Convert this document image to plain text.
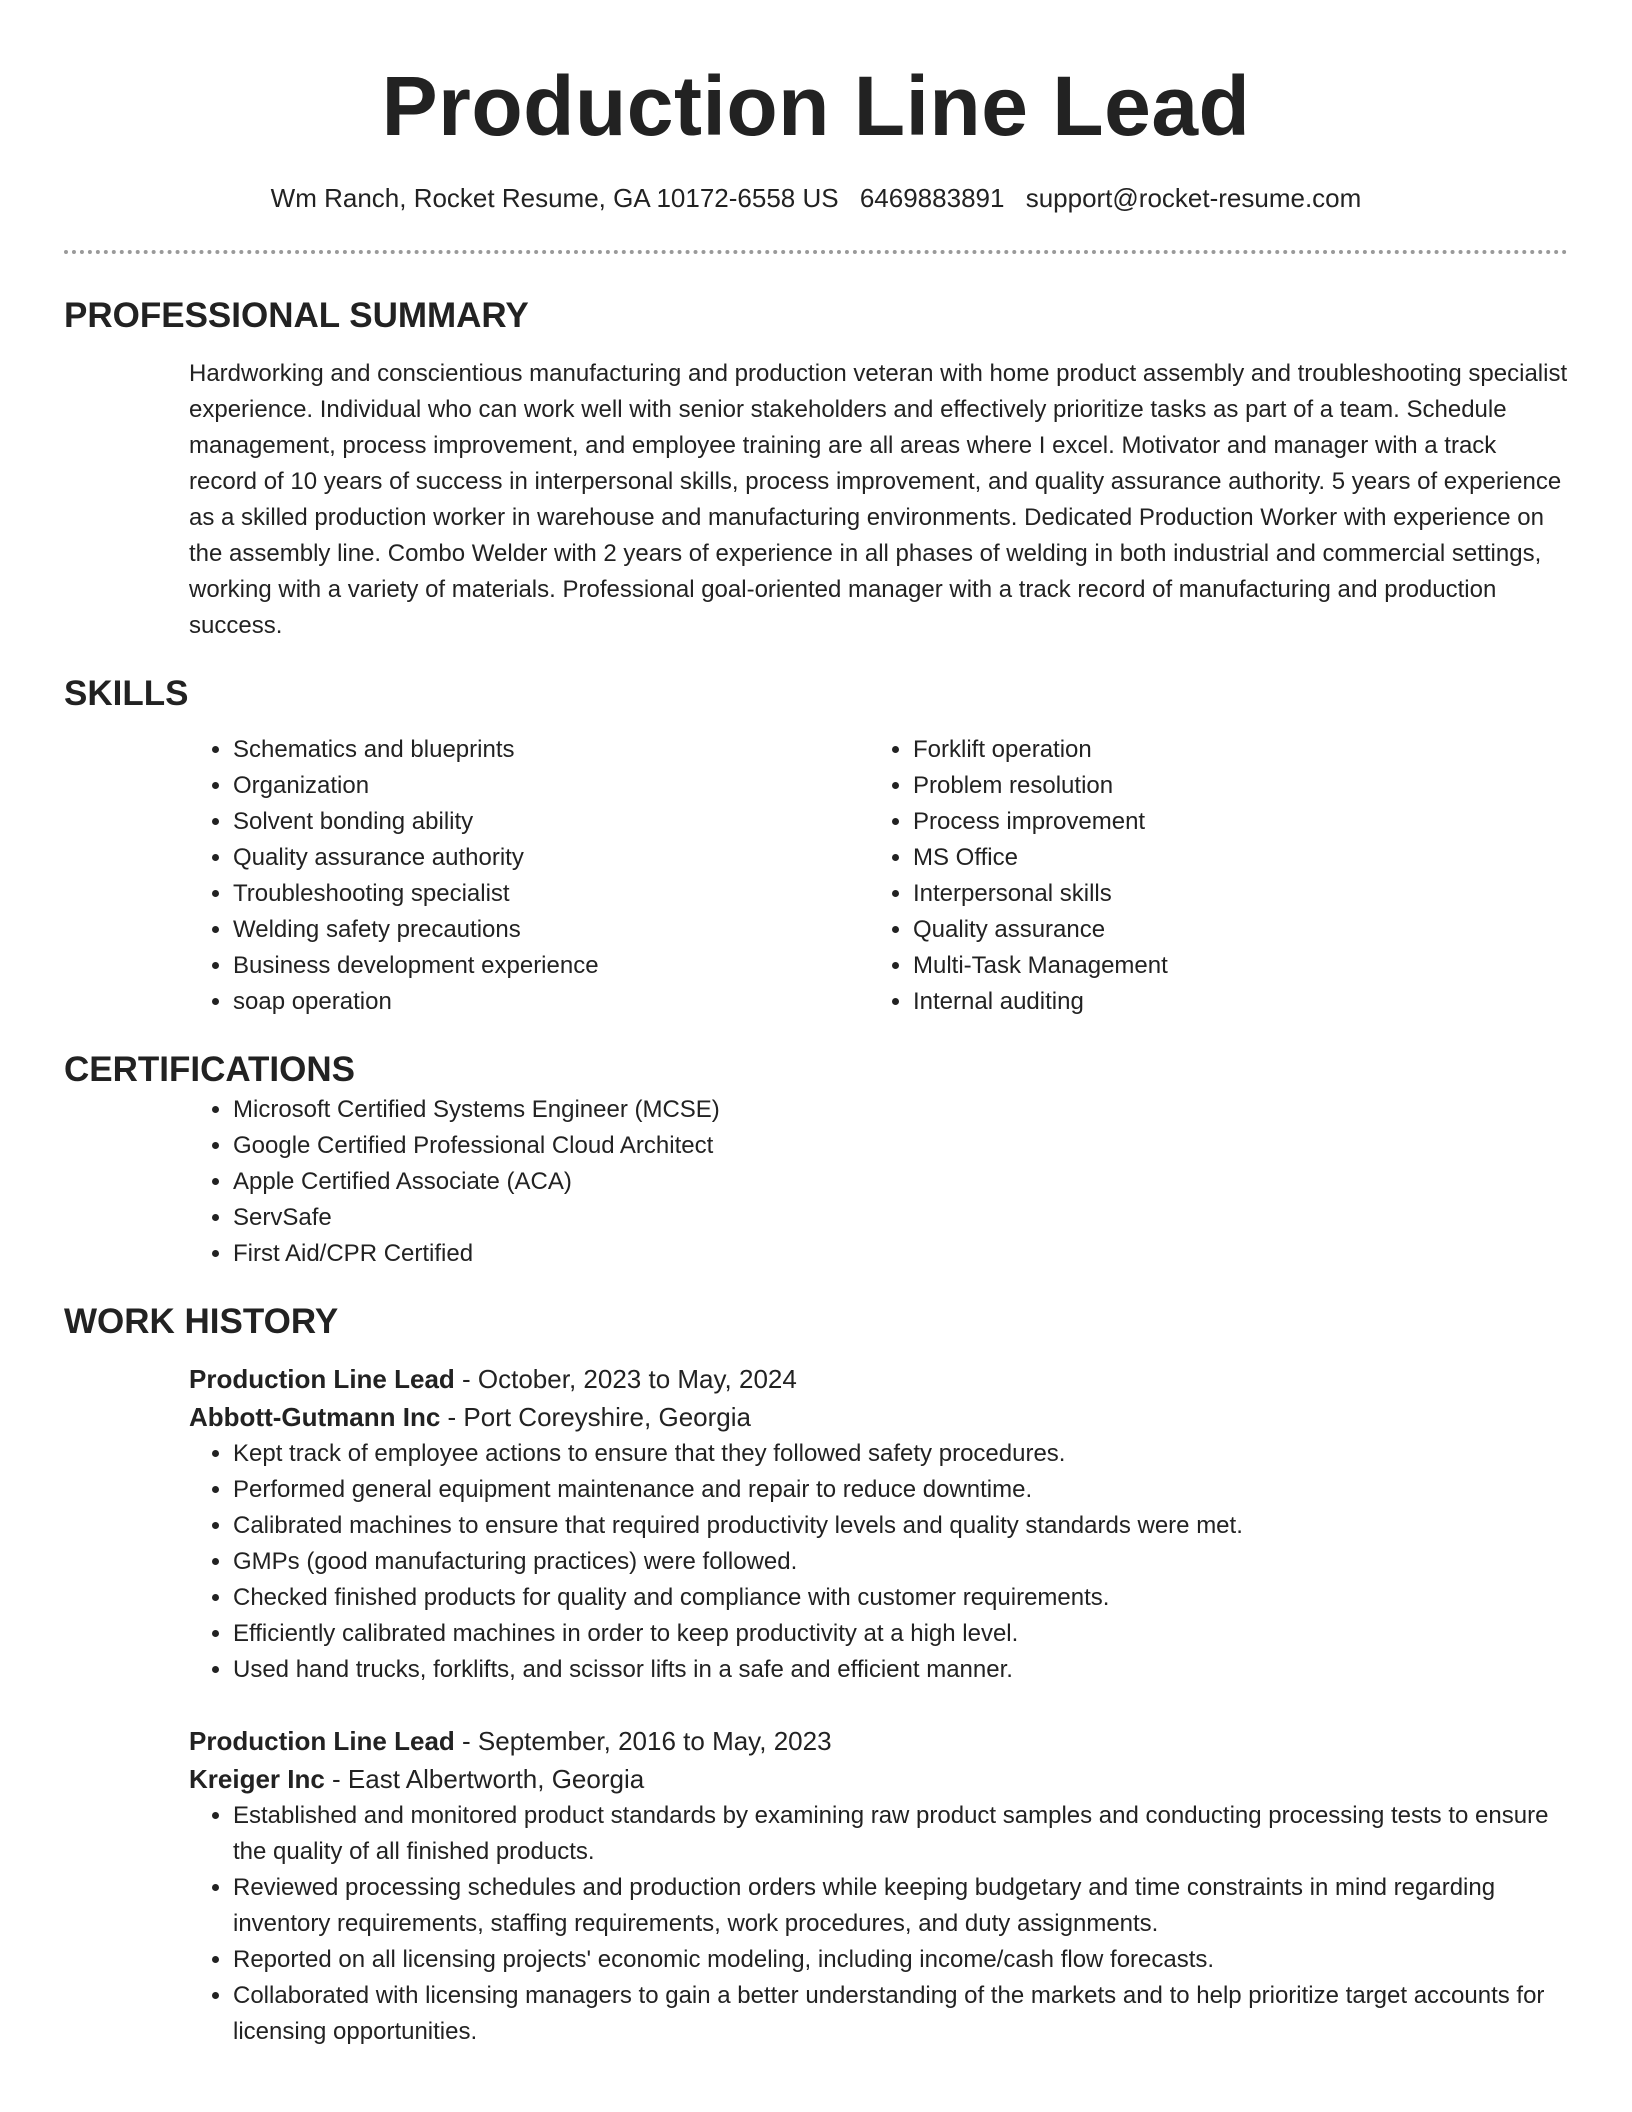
Production Line Lead
Wm Ranch, Rocket Resume, GA 10172-6558 US 6469883891 support@rocket-resume.com
PROFESSIONAL SUMMARY
Hardworking and conscientious manufacturing and production veteran with home product assembly and troubleshooting specialist experience. Individual who can work well with senior stakeholders and effectively prioritize tasks as part of a team. Schedule management, process improvement, and employee training are all areas where I excel. Motivator and manager with a track record of 10 years of success in interpersonal skills, process improvement, and quality assurance authority. 5 years of experience as a skilled production worker in warehouse and manufacturing environments. Dedicated Production Worker with experience on the assembly line. Combo Welder with 2 years of experience in all phases of welding in both industrial and commercial settings, working with a variety of materials. Professional goal-oriented manager with a track record of manufacturing and production success.
SKILLS
• Schematics and blueprints
• Organization
• Solvent bonding ability
• Quality assurance authority
• Troubleshooting specialist
• Welding safety precautions
• Business development experience
• soap operation
• Forklift operation
• Problem resolution
• Process improvement
• MS Office
• Interpersonal skills
• Quality assurance
• Multi-Task Management
• Internal auditing
CERTIFICATIONS
• Microsoft Certified Systems Engineer (MCSE)
• Google Certified Professional Cloud Architect
• Apple Certified Associate (ACA)
• ServSafe
• First Aid/CPR Certified
WORK HISTORY
Production Line Lead - October, 2023 to May, 2024
Abbott-Gutmann Inc - Port Coreyshire, Georgia
• Kept track of employee actions to ensure that they followed safety procedures.
• Performed general equipment maintenance and repair to reduce downtime.
• Calibrated machines to ensure that required productivity levels and quality standards were met.
• GMPs (good manufacturing practices) were followed.
• Checked finished products for quality and compliance with customer requirements.
• Efficiently calibrated machines in order to keep productivity at a high level.
• Used hand trucks, forklifts, and scissor lifts in a safe and efficient manner.
Production Line Lead - September, 2016 to May, 2023
Kreiger Inc - East Albertworth, Georgia
• Established and monitored product standards by examining raw product samples and conducting processing tests to ensure the quality of all finished products.
• Reviewed processing schedules and production orders while keeping budgetary and time constraints in mind regarding inventory requirements, staffing requirements, work procedures, and duty assignments.
• Reported on all licensing projects' economic modeling, including income/cash flow forecasts.
• Collaborated with licensing managers to gain a better understanding of the markets and to help prioritize target accounts for licensing opportunities.
